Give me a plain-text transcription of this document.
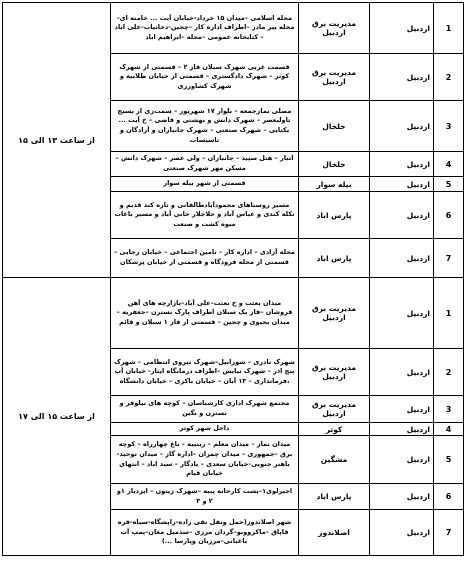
1	اردبیل	مدیریت برق اردبیل	محله اسلامی –میدان ۱۵ خرداد-خیابان آیت ... خامنه ای- محله پیر مادر –اطراف اداره کار –چجین-دخانیات-علی اباد – کتابخانه عمومی –محله –ابراهیم اباد	از ساعت ۱۳ الی ۱۵
2	اردبیل	مدیریت برق اردبیل	قسمت غربی شهرک سبلان فاز ۲ – قسمتی از شهرک کوثر – شهرک دادگستری – قسمتی از خیابان طلابیه و شهرک کشاورزی	

3	اردبیل	خلخال	مصلی نمازجمعه – بلوار ۱۷ شهریور – سمت‌زی از بسیج تاولیعصر – شهرک دانش و بهشتی و قاضی – خ آیت ... یکتایی – شهرک صنعتی – شهرک جانبازان و آزادگان و تاسیسات	

4	اردبیل	خلخال	انبار – هتل سپید – جانبازان – ولی عصر – شهرک دانش – مسکن مهر شهرک صنعتی	

5	اردبیل	بیله سوار	قسمتی از شهر بیله سوار	

6	اردبیل	پارس اباد	مسیر روستاهای محمودآبادطالقانی و تازه کند قدیم و تکله کندی و عباس آباد و حلاجلار خانی آباد و مسیر باغات میوه کشت و صنعت	

7	اردبیل	پارس اباد	محله آزادی – اداره کار – تامین اجتماعی – خیابان رجایی – قسمتی از محله فرودگاه و قسمتی از خیابان پزشکان	

1	اردبیل	مدیریت برق اردبیل	میدان بعثت و خ بعثت–علی آباد–بازارچه های آهن فروشان –فاز یک سبلان اطراف پارک نسترن –جعفریه – میدان یحیوی و چجین – قسمتی از فاز ۱ سبلان و قائم	از ساعت ۱۵ الی ۱۷
2	اردبیل	مدیریت برق اردبیل	شهرک نادری – شورابیل–شهرک نیروی انتظامی – شهرک پنج اذر – شهرک نیایش –اطراف درمانگاه ایثار- خیابان آب ،فرمانداری – ۱۳ آبان – خیابان باکری – خیابان دانشگاه	

3	اردبیل	مدیریت برق اردبیل	مجتمع شهرک اداری کارشناسان – کوچه های نیلوفر و نسترن و نگین	

4	اردبیل	کوثر	داخل شهر کوثر	

5	اردبیل	مشگین	میدان نماز – میدان معلم – زینبیه – باغ چهارراه – کوچه برق –جمهوری – میدان چمران –اداره گاز – میدان توحید- باهنر جنوبی-خیابان سعدی – یادگار – سید اباد – انتهای خیابان قیام	

6	اردبیل	پارس اباد	اجیرلوی۱–پشت کارخانه پنبه –شهرک زیتون – ایزدیار ۱و ۲ و ۳	

7	اردبیل	اصلاندوز	شهر اصلاندوز(حمل ونقل نقی زاده-زاپشگاه-سیاه-قره قاپاق –ماکرووبو–گردان مرزی –سدمیل مغان–پمپ آب باغبانی–مرزبان وپارسا ...)	
